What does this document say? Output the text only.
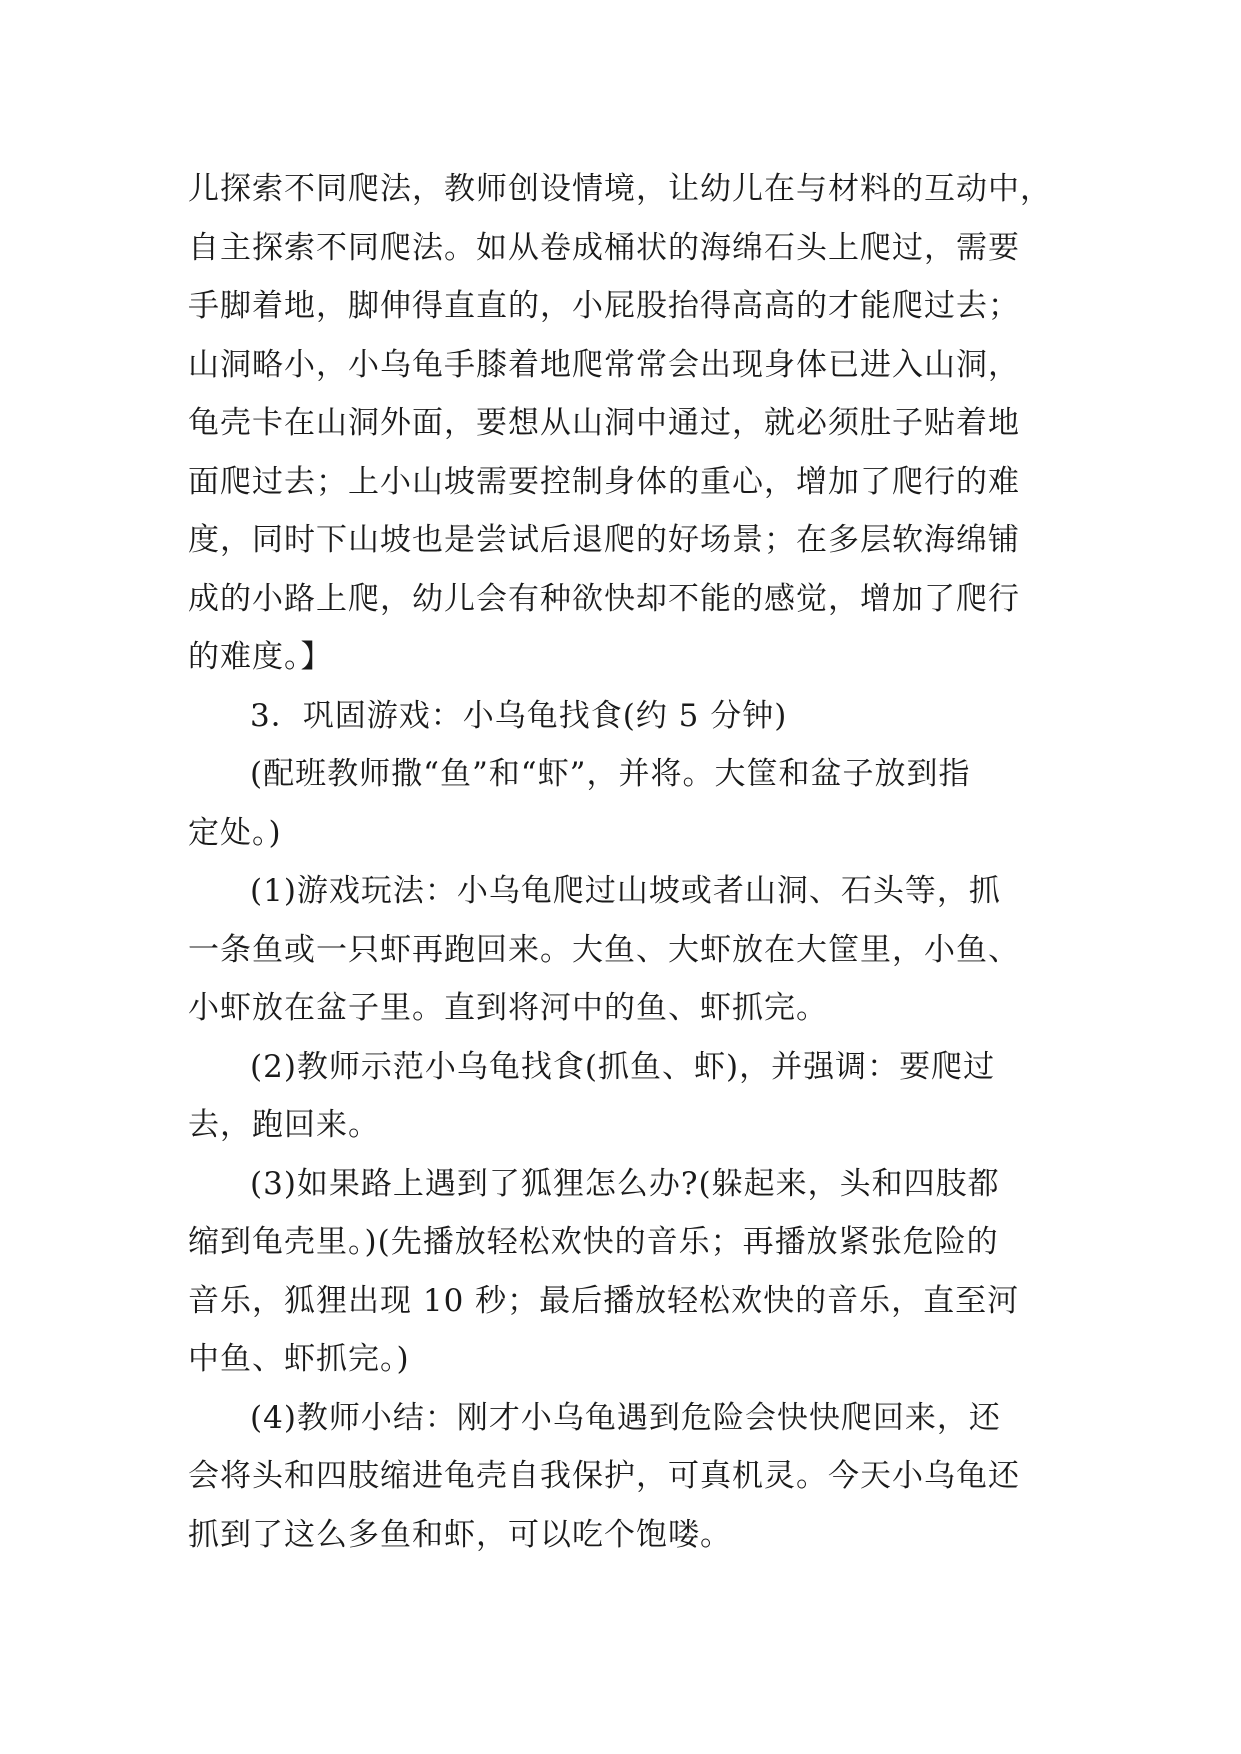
儿探索不同爬法，教师创设情境，让幼儿在与材料的互动中，
自主探索不同爬法。如从卷成桶状的海绵石头上爬过，需要
手脚着地，脚伸得直直的，小屁股抬得高高的才能爬过去；
山洞略小，小乌龟手膝着地爬常常会出现身体已进入山洞，
龟壳卡在山洞外面，要想从山洞中通过，就必须肚子贴着地
面爬过去；上小山坡需要控制身体的重心，增加了爬行的难
度，同时下山坡也是尝试后退爬的好场景；在多层软海绵铺
成的小路上爬，幼儿会有种欲快却不能的感觉，增加了爬行
的难度。】
3．巩固游戏：小乌龟找食(约 5 分钟)
(配班教师撒“鱼”和“虾”，并将。大筐和盆子放到指
定处。)
(1)游戏玩法：小乌龟爬过山坡或者山洞、石头等，抓
一条鱼或一只虾再跑回来。大鱼、大虾放在大筐里，小鱼、
小虾放在盆子里。直到将河中的鱼、虾抓完。
(2)教师示范小乌龟找食(抓鱼、虾)，并强调：要爬过
去，跑回来。
(3)如果路上遇到了狐狸怎么办?(躲起来，头和四肢都
缩到龟壳里。)(先播放轻松欢快的音乐；再播放紧张危险的
音乐，狐狸出现 10 秒；最后播放轻松欢快的音乐，直至河
中鱼、虾抓完。)
(4)教师小结：刚才小乌龟遇到危险会快快爬回来，还
会将头和四肢缩进龟壳自我保护，可真机灵。今天小乌龟还
抓到了这么多鱼和虾，可以吃个饱喽。
